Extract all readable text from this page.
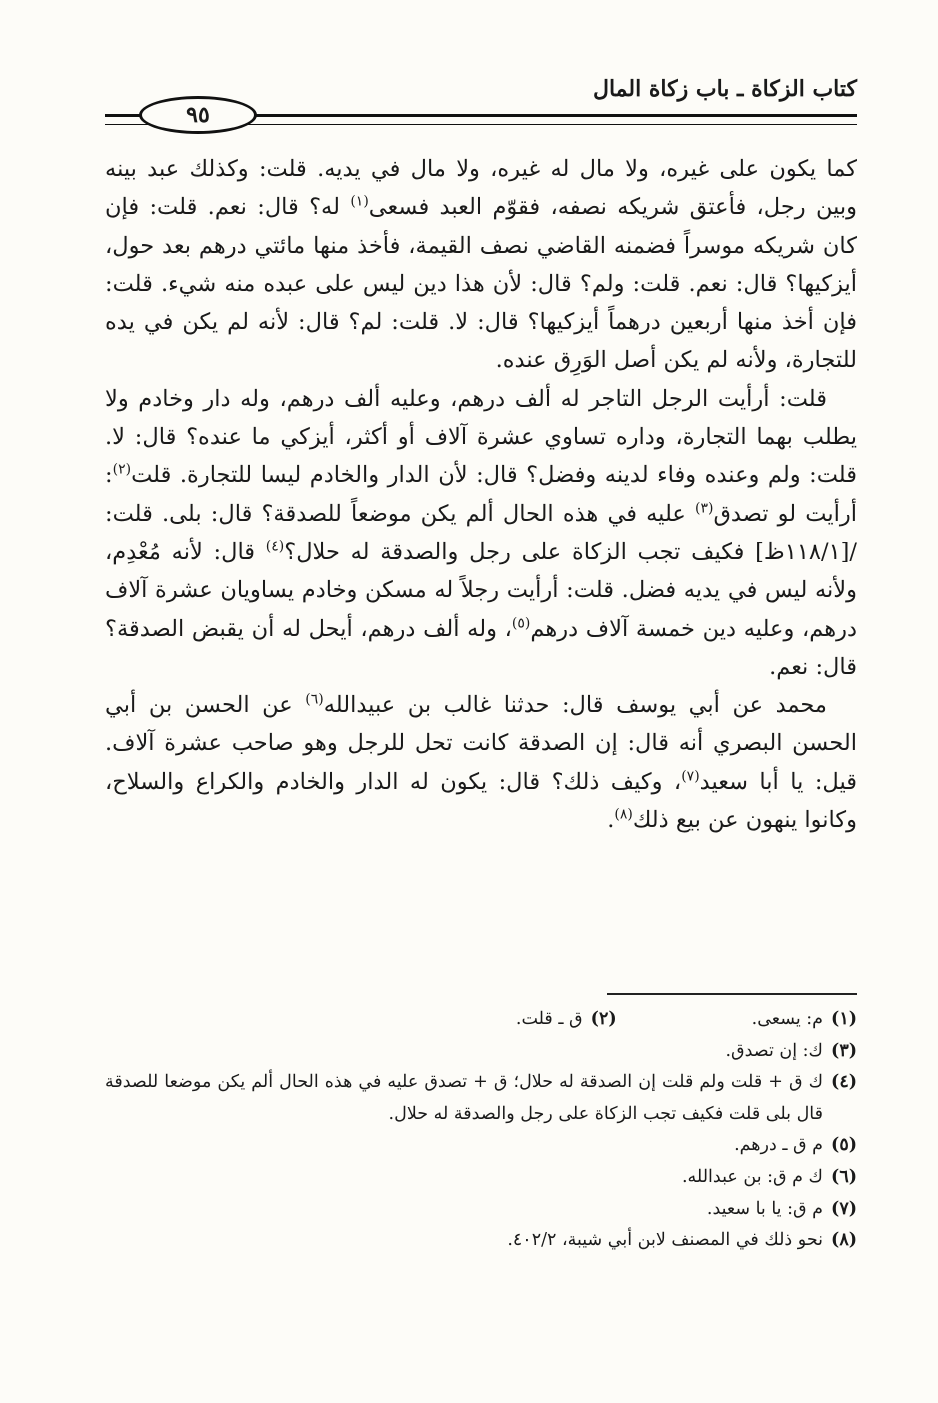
كتاب الزكاة ـ باب زكاة المال
٩٥

كما يكون على غيره، ولا مال له غيره، ولا مال في يديه. قلت: وكذلك عبد بينه وبين رجل، فأعتق شريكه نصفه، فقوّم العبد فسعى$^{(١)}$ له؟ قال: نعم. قلت: فإن كان شريكه موسراً فضمنه القاضي نصف القيمة، فأخذ منها مائتي درهم بعد حول، أيزكيها؟ قال: نعم. قلت: ولم؟ قال: لأن هذا دين ليس على عبده منه شيء. قلت: فإن أخذ منها أربعين درهماً أيزكيها؟ قال: لا. قلت: لم؟ قال: لأنه لم يكن في يده للتجارة، ولأنه لم يكن أصل الوَرِق عنده.

قلت: أرأيت الرجل التاجر له ألف درهم، وعليه ألف درهم، وله دار وخادم ولا يطلب بهما التجارة، وداره تساوي عشرة آلاف أو أكثر، أيزكي ما عنده؟ قال: لا. قلت: ولم وعنده وفاء لدينه وفضل؟ قال: لأن الدار والخادم ليسا للتجارة. قلت$^{(٢)}$: أرأيت لو تصدق$^{(٣)}$ عليه في هذه الحال ألم يكن موضعاً للصدقة؟ قال: بلى. قلت: /[١١٨/١ظ] فكيف تجب الزكاة على رجل والصدقة له حلال؟$^{(٤)}$ قال: لأنه مُعْدِم، ولأنه ليس في يديه فضل. قلت: أرأيت رجلاً له مسكن وخادم يساويان عشرة آلاف درهم، وعليه دين خمسة آلاف درهم$^{(٥)}$، وله ألف درهم، أيحل له أن يقبض الصدقة؟ قال: نعم.

محمد عن أبي يوسف قال: حدثنا غالب بن عبيدالله$^{(٦)}$ عن الحسن بن أبي الحسن البصري أنه قال: إن الصدقة كانت تحل للرجل وهو صاحب عشرة آلاف. قيل: يا أبا سعيد$^{(٧)}$، وكيف ذلك؟ قال: يكون له الدار والخادم والكراع والسلاح، وكانوا ينهون عن بيع ذلك$^{(٨)}$.

(١)
م: يسعى.
(٢)
ق ـ قلت.
(٣)
ك: إن تصدق.
(٤)
ك ق + قلت ولم قلت إن الصدقة له حلال؛ ق + تصدق عليه في هذه الحال ألم يكن موضعا للصدقة قال بلى قلت فكيف تجب الزكاة على رجل والصدقة له حلال.
(٥)
م ق ـ درهم.
(٦)
ك م ق: بن عبدالله.
(٧)
م ق: يا با سعيد.
(٨)
نحو ذلك في المصنف لابن أبي شيبة، ٤٠٢/٢.
